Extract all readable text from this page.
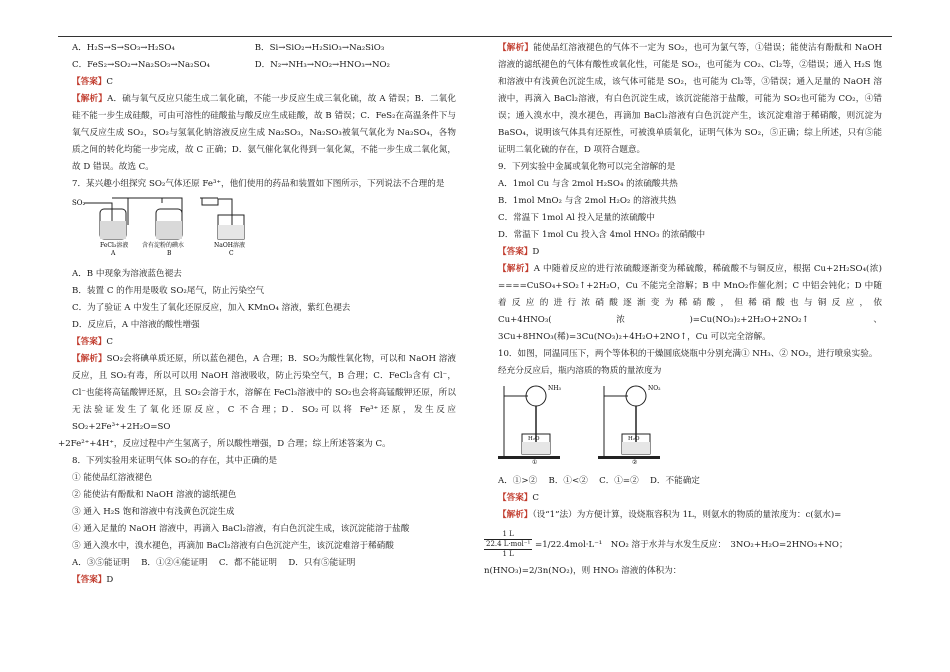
A．H₂S→S→SO₃→H₂SO₄	B．Si→SiO₂→H₂SiO₃→Na₂SiO₃

C．FeS₂→SO₂→Na₂SO₃→Na₂SO₄	D．N₂→NH₃→NO₂→HNO₃→NO₂

【答案】C

【解析】A．硫与氧气反应只能生成二氧化硫，不能一步反应生成三氧化硫，故 A 错误；B．二氧化硅不能一步生成硅酸，可由可溶性的硅酸盐与酸反应生成硅酸，故 B 错误；C．FeS₂在高温条件下与氧气反应生成 SO₂，SO₂与氢氧化钠溶液反应生成 Na₂SO₃，Na₂SO₃被氧气氧化为 Na₂SO₄，各物质之间的转化均能一步完成，故 C 正确；D．氨气催化氧化得到一氧化氮，不能一步生成二氧化氮，故 D 错误。故选 C。

7．某兴趣小组探究 SO₂气体还原 Fe³⁺，他们使用的药品和装置如下图所示，下列说法不合理的是

SO₂
FeCl₃溶液
A
含有淀粉的碘水
B
NaOH溶液
C

A．B 中现象为溶液蓝色褪去

B．装置 C 的作用是吸收 SO₂尾气，防止污染空气

C．为了验证 A 中发生了氧化还原反应，加入 KMnO₄ 溶液，紫红色褪去

D．反应后，A 中溶液的酸性增强

【答案】C

【解析】SO₂会将碘单质还原，所以蓝色褪色，A 合理；B．SO₂为酸性氧化物，可以和 NaOH 溶液反应，且 SO₂有毒，所以可以用 NaOH 溶液吸收，防止污染空气，B 合理；C．FeCl₃含有 Cl⁻，Cl⁻也能将高锰酸钾还原，且 SO₂会溶于水，溶解在 FeCl₃溶液中的 SO₂也会将高锰酸钾还原，所以无法验证发生了氧化还原反应，C 不合理；D．SO₂可以将 Fe³⁺还原，发生反应 SO₂+2Fe³⁺+2H₂O=SO

+2Fe²⁺+4H⁺，反应过程中产生氢离子，所以酸性增强，D 合理；综上所述答案为 C。

8．下列实验用来证明气体 SO₂的存在，其中正确的是

① 能使品红溶液褪色

② 能使沾有酚酞和 NaOH 溶液的滤纸褪色

③ 通入 H₂S 饱和溶液中有浅黄色沉淀生成

④ 通入足量的 NaOH 溶液中，再滴入 BaCl₂溶液，有白色沉淀生成，该沉淀能溶于盐酸

⑤ 通入溴水中，溴水褪色，再滴加 BaCl₂溶液有白色沉淀产生，该沉淀难溶于稀硝酸

A．③⑤能证明　 B．①②④能证明　 C．都不能证明　 D．只有⑤能证明

【答案】D

【解析】能使品红溶液褪色的气体不一定为 SO₂，也可为氯气等，①错误；能使沾有酚酞和 NaOH 溶液的滤纸褪色的气体有酸性或氧化性，可能是 SO₂，也可能为 CO₂、Cl₂等，②错误；通入 H₂S 饱和溶液中有浅黄色沉淀生成，该气体可能是 SO₂，也可能为 Cl₂等，③错误；通入足量的 NaOH 溶液中，再滴入 BaCl₂溶液，有白色沉淀生成，该沉淀能溶于盐酸，可能为 SO₂也可能为 CO₂，④错误；通入溴水中，溴水褪色，再滴加 BaCl₂溶液有白色沉淀产生，该沉淀难溶于稀硝酸，则沉淀为 BaSO₄，说明该气体具有还原性，可被溴单质氧化，证明气体为 SO₂，⑤正确；综上所述，只有⑤能证明二氧化硫的存在，D 项符合题意。

9．下列实验中金属或氧化物可以完全溶解的是

A．1mol Cu 与含 2mol H₂SO₄ 的浓硫酸共热

B．1mol MnO₂ 与含 2mol H₂O₂ 的溶液共热

C．常温下 1mol Al 投入足量的浓硫酸中

D．常温下 1mol Cu 投入含 4mol HNO₃ 的浓硝酸中

【答案】D

【解析】A 中随着反应的进行浓硫酸逐渐变为稀硫酸，稀硫酸不与铜反应，根据 Cu+2H₂SO₄(浓) ====CuSO₄+SO₂↑+2H₂O，Cu 不能完全溶解；B 中 MnO₂作催化剂；C 中铝会钝化；D 中随着反应的进行浓硝酸逐渐变为稀硝酸，但稀硝酸也与铜反应，依 Cu+4HNO₃(浓)=Cu(NO₃)₂+2H₂O+2NO₂↑、3Cu+8HNO₃(稀)=3Cu(NO₃)₂+4H₂O+2NO↑，Cu 可以完全溶解。

10．如图，同温同压下，两个等体积的干燥圆底烧瓶中分别充满① NH₃、② NO₂，进行喷泉实验。

经充分反应后，瓶内溶质的物质的量浓度为

NH₃
H₂O
①
NO₂
H₂O
②

A．①>②　 B．①<②　 C．①=②　 D．不能确定

【答案】C

【解析】（设“1”法）为方便计算，设烧瓶容积为 1L，则氨水的物质的量浓度为：c(氨水)=

1 L
22.4 L·mol⁻¹
1 L
=1/22.4mol·L⁻¹　NO₂ 溶于水并与水发生反应：　3NO₂+H₂O=2HNO₃+NO；

n(HNO₃)=2/3n(NO₂)，则 HNO₃ 溶液的体积为：
